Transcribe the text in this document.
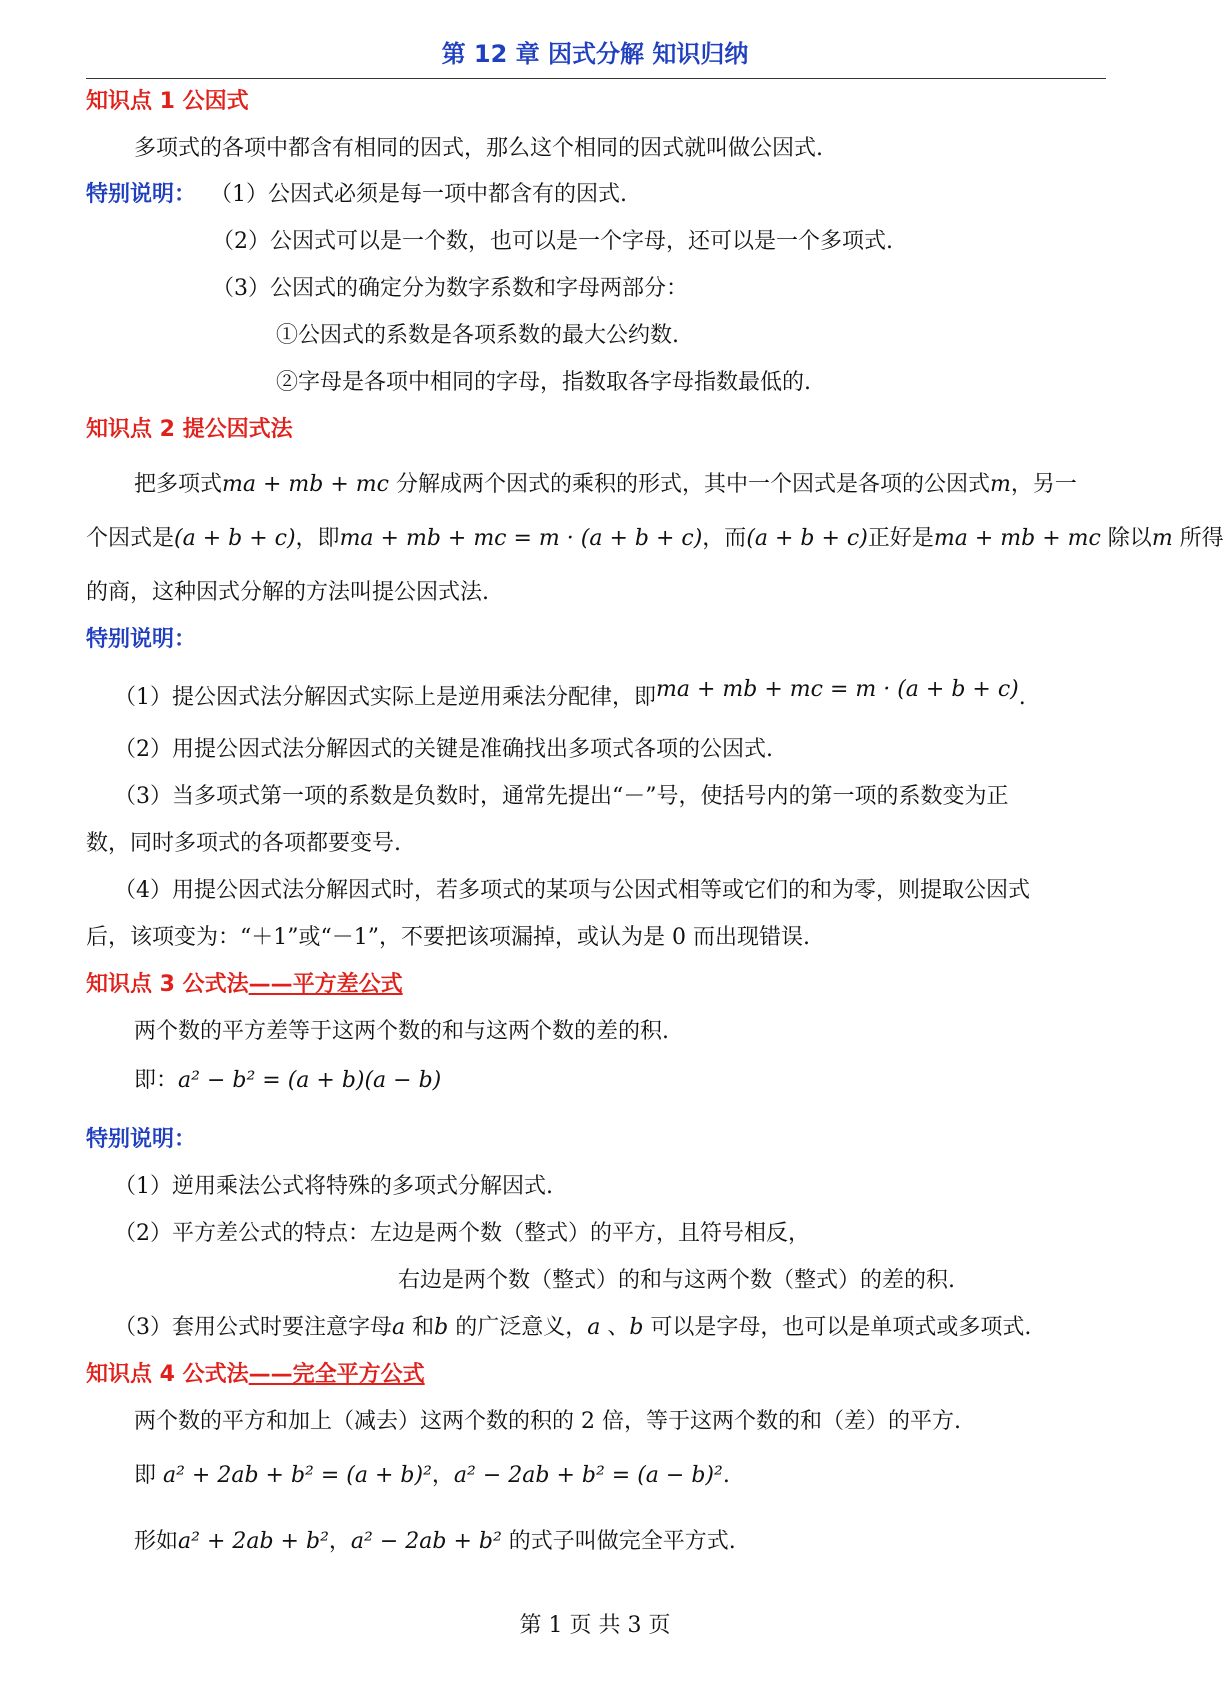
第 12 章 因式分解 知识归纳
知识点 1 公因式
多项式的各项中都含有相同的因式，那么这个相同的因式就叫做公因式.
特别说明： （1）公因式必须是每一项中都含有的因式.
（2）公因式可以是一个数，也可以是一个字母，还可以是一个多项式.
（3）公因式的确定分为数字系数和字母两部分：
①公因式的系数是各项系数的最大公约数.
②字母是各项中相同的字母，指数取各字母指数最低的.
知识点 2 提公因式法
把多项式ma + mb + mc 分解成两个因式的乘积的形式，其中一个因式是各项的公因式m，另一
个因式是(a + b + c)，即ma + mb + mc = m · (a + b + c)，而(a + b + c)正好是ma + mb + mc 除以m 所得
的商，这种因式分解的方法叫提公因式法.
特别说明：
（1）提公因式法分解因式实际上是逆用乘法分配律，即ma + mb + mc = m · (a + b + c).
（2）用提公因式法分解因式的关键是准确找出多项式各项的公因式.
（3）当多项式第一项的系数是负数时，通常先提出“－”号，使括号内的第一项的系数变为正
数，同时多项式的各项都要变号.
（4）用提公因式法分解因式时，若多项式的某项与公因式相等或它们的和为零，则提取公因式
后，该项变为：“＋1”或“－1”，不要把该项漏掉，或认为是 0 而出现错误.
知识点 3 公式法——平方差公式
两个数的平方差等于这两个数的和与这两个数的差的积.
即：a² − b² = (a + b)(a − b)
特别说明：
（1）逆用乘法公式将特殊的多项式分解因式.
（2）平方差公式的特点：左边是两个数（整式）的平方，且符号相反，
右边是两个数（整式）的和与这两个数（整式）的差的积.
（3）套用公式时要注意字母a 和b 的广泛意义，a 、b 可以是字母，也可以是单项式或多项式.
知识点 4 公式法——完全平方公式
两个数的平方和加上（减去）这两个数的积的 2 倍，等于这两个数的和（差）的平方.
即 a² + 2ab + b² = (a + b)²，a² − 2ab + b² = (a − b)².
形如a² + 2ab + b²，a² − 2ab + b² 的式子叫做完全平方式.
第 1 页 共 3 页
